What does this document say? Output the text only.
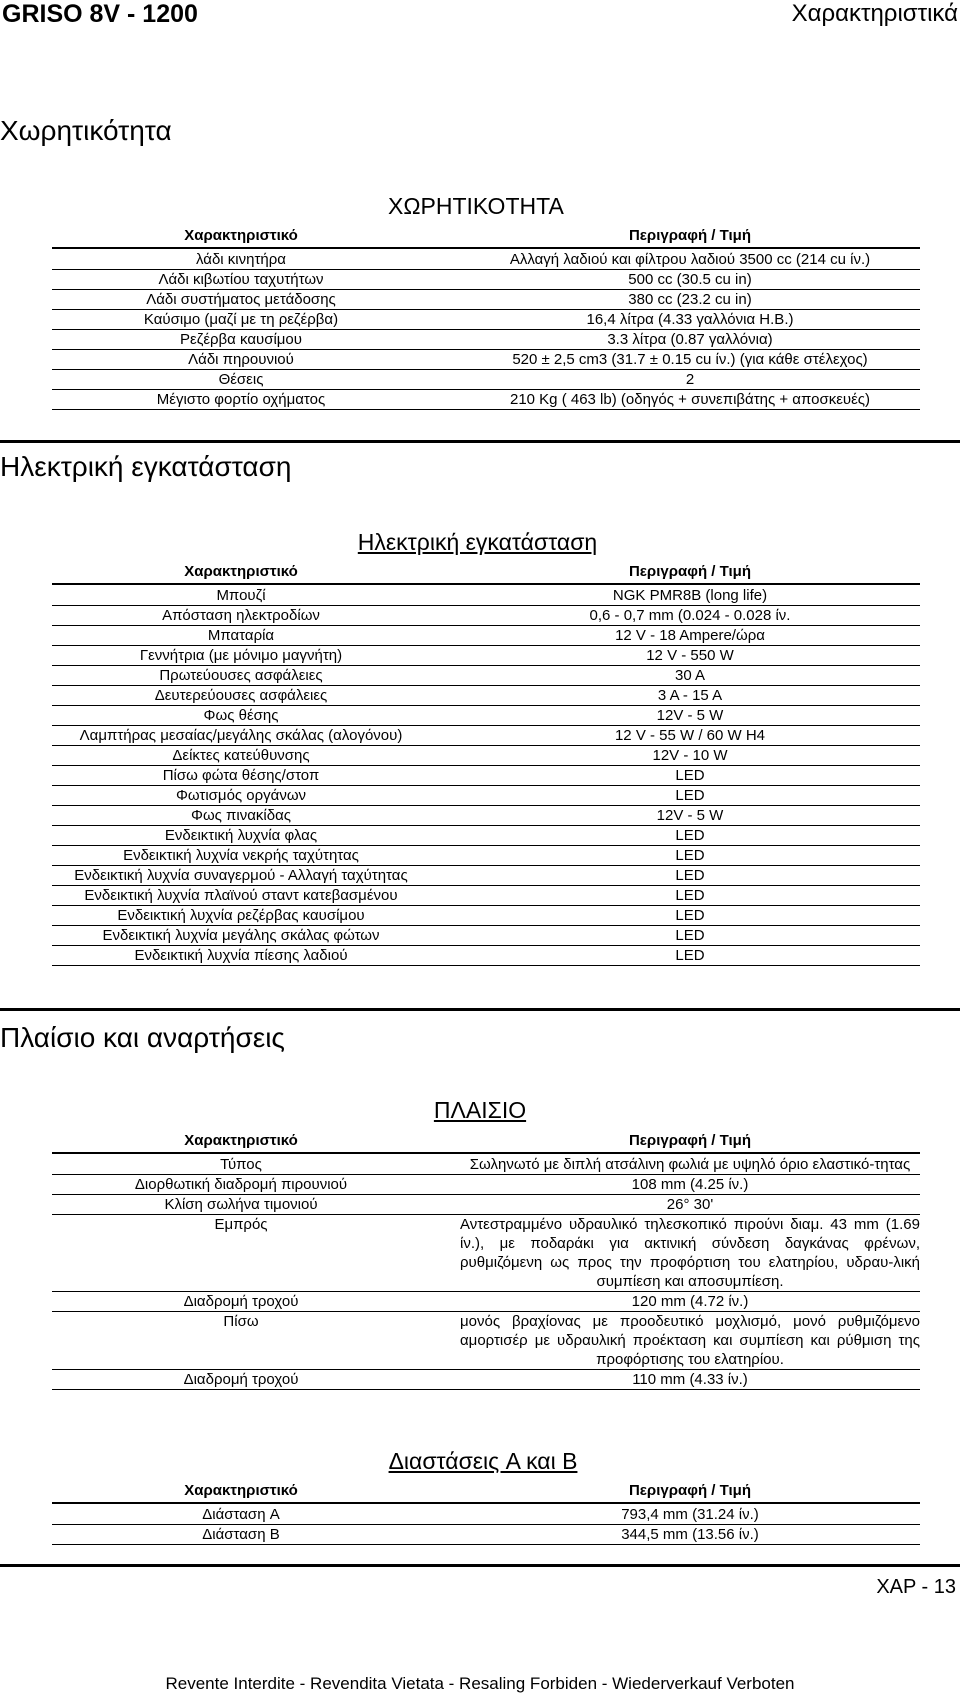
GRISO 8V - 1200	Χαρακτηριστικά
Χωρητικότητα
ΧΩΡΗΤΙΚΟΤΗΤΑ
Χαρακτηριστικό	Περιγραφή / Τιμή
λάδι κινητήρα	Αλλαγή λαδιού και φίλτρου λαδιού 3500 cc (214 cu ίν.)
Λάδι κιβωτίου ταχυτήτων	500 cc (30.5 cu in)
Λάδι συστήματος μετάδοσης	380 cc (23.2 cu in)
Καύσιμο (μαζί με τη ρεζέρβα)	16,4 λίτρα (4.33 γαλλόνια Η.Β.)
Ρεζέρβα καυσίμου	3.3 λίτρα (0.87 γαλλόνια)
Λάδι πηρουνιού	520 ± 2,5 cm3 (31.7 ± 0.15 cu ίν.) (για κάθε στέλεχος)
Θέσεις	2
Μέγιστο φορτίο οχήματος	210 Kg ( 463 lb) (οδηγός + συνεπιβάτης + αποσκευές)
Ηλεκτρική εγκατάσταση
Ηλεκτρική εγκατάσταση
Χαρακτηριστικό	Περιγραφή / Τιμή
Μπουζί	NGK PMR8B (long life)
Απόσταση ηλεκτροδίων	0,6 - 0,7 mm (0.024 - 0.028 ίν.
Μπαταρία	12 V - 18 Ampere/ώρα
Γεννήτρια (με μόνιμο μαγνήτη)	12 V - 550 W
Πρωτεύουσες ασφάλειες	30 A
Δευτερεύουσες ασφάλειες	3 A - 15 A
Φως θέσης	12V - 5 W
Λαμπτήρας μεσαίας/μεγάλης σκάλας (αλογόνου)	12 V - 55 W / 60 W H4
Δείκτες κατεύθυνσης	12V - 10 W
Πίσω φώτα θέσης/στοπ	LED
Φωτισμός οργάνων	LED
Φως πινακίδας	12V - 5 W
Ενδεικτική λυχνία φλας	LED
Ενδεικτική λυχνία νεκρής ταχύτητας	LED
Ενδεικτική λυχνία συναγερμού - Αλλαγή ταχύτητας	LED
Ενδεικτική λυχνία πλαϊνού σταντ κατεβασμένου	LED
Ενδεικτική λυχνία ρεζέρβας καυσίμου	LED
Ενδεικτική λυχνία μεγάλης σκάλας φώτων	LED
Ενδεικτική λυχνία πίεσης λαδιού	LED
Πλαίσιο και αναρτήσεις
ΠΛΑΙΣΙΟ
Χαρακτηριστικό	Περιγραφή / Τιμή
Τύπος	Σωληνωτό με διπλή ατσάλινη φωλιά με υψηλό όριο ελαστικό-τητας
Διορθωτική διαδρομή πιρουνιού	108 mm (4.25 ίν.)
Κλίση σωλήνα τιμονιού	26° 30'
Εμπρός	Αντεστραμμένο υδραυλικό τηλεσκοπικό πιρούνι διαμ. 43 mm (1.69 ίν.), με ποδαράκι για ακτινική σύνδεση δαγκάνας φρένων, ρυθμιζόμενη ως προς την προφόρτιση του ελατηρίου, υδραυ-λική συμπίεση και αποσυμπίεση.
Διαδρομή τροχού	120 mm (4.72 ίν.)
Πίσω	μονός βραχίονας με προοδευτικό μοχλισμό, μονό ρυθμιζόμενο αμορτισέρ με υδραυλική προέκταση και συμπίεση και ρύθμιση της προφόρτισης του ελατηρίου.
Διαδρομή τροχού	110 mm (4.33 ίν.)
Διαστάσεις A και B
Χαρακτηριστικό	Περιγραφή / Τιμή
Διάσταση A	793,4 mm (31.24 ίν.)
Διάσταση B	344,5 mm (13.56 ίν.)
ΧΑΡ - 13
Revente Interdite - Revendita Vietata - Resaling Forbiden - Wiederverkauf Verboten
